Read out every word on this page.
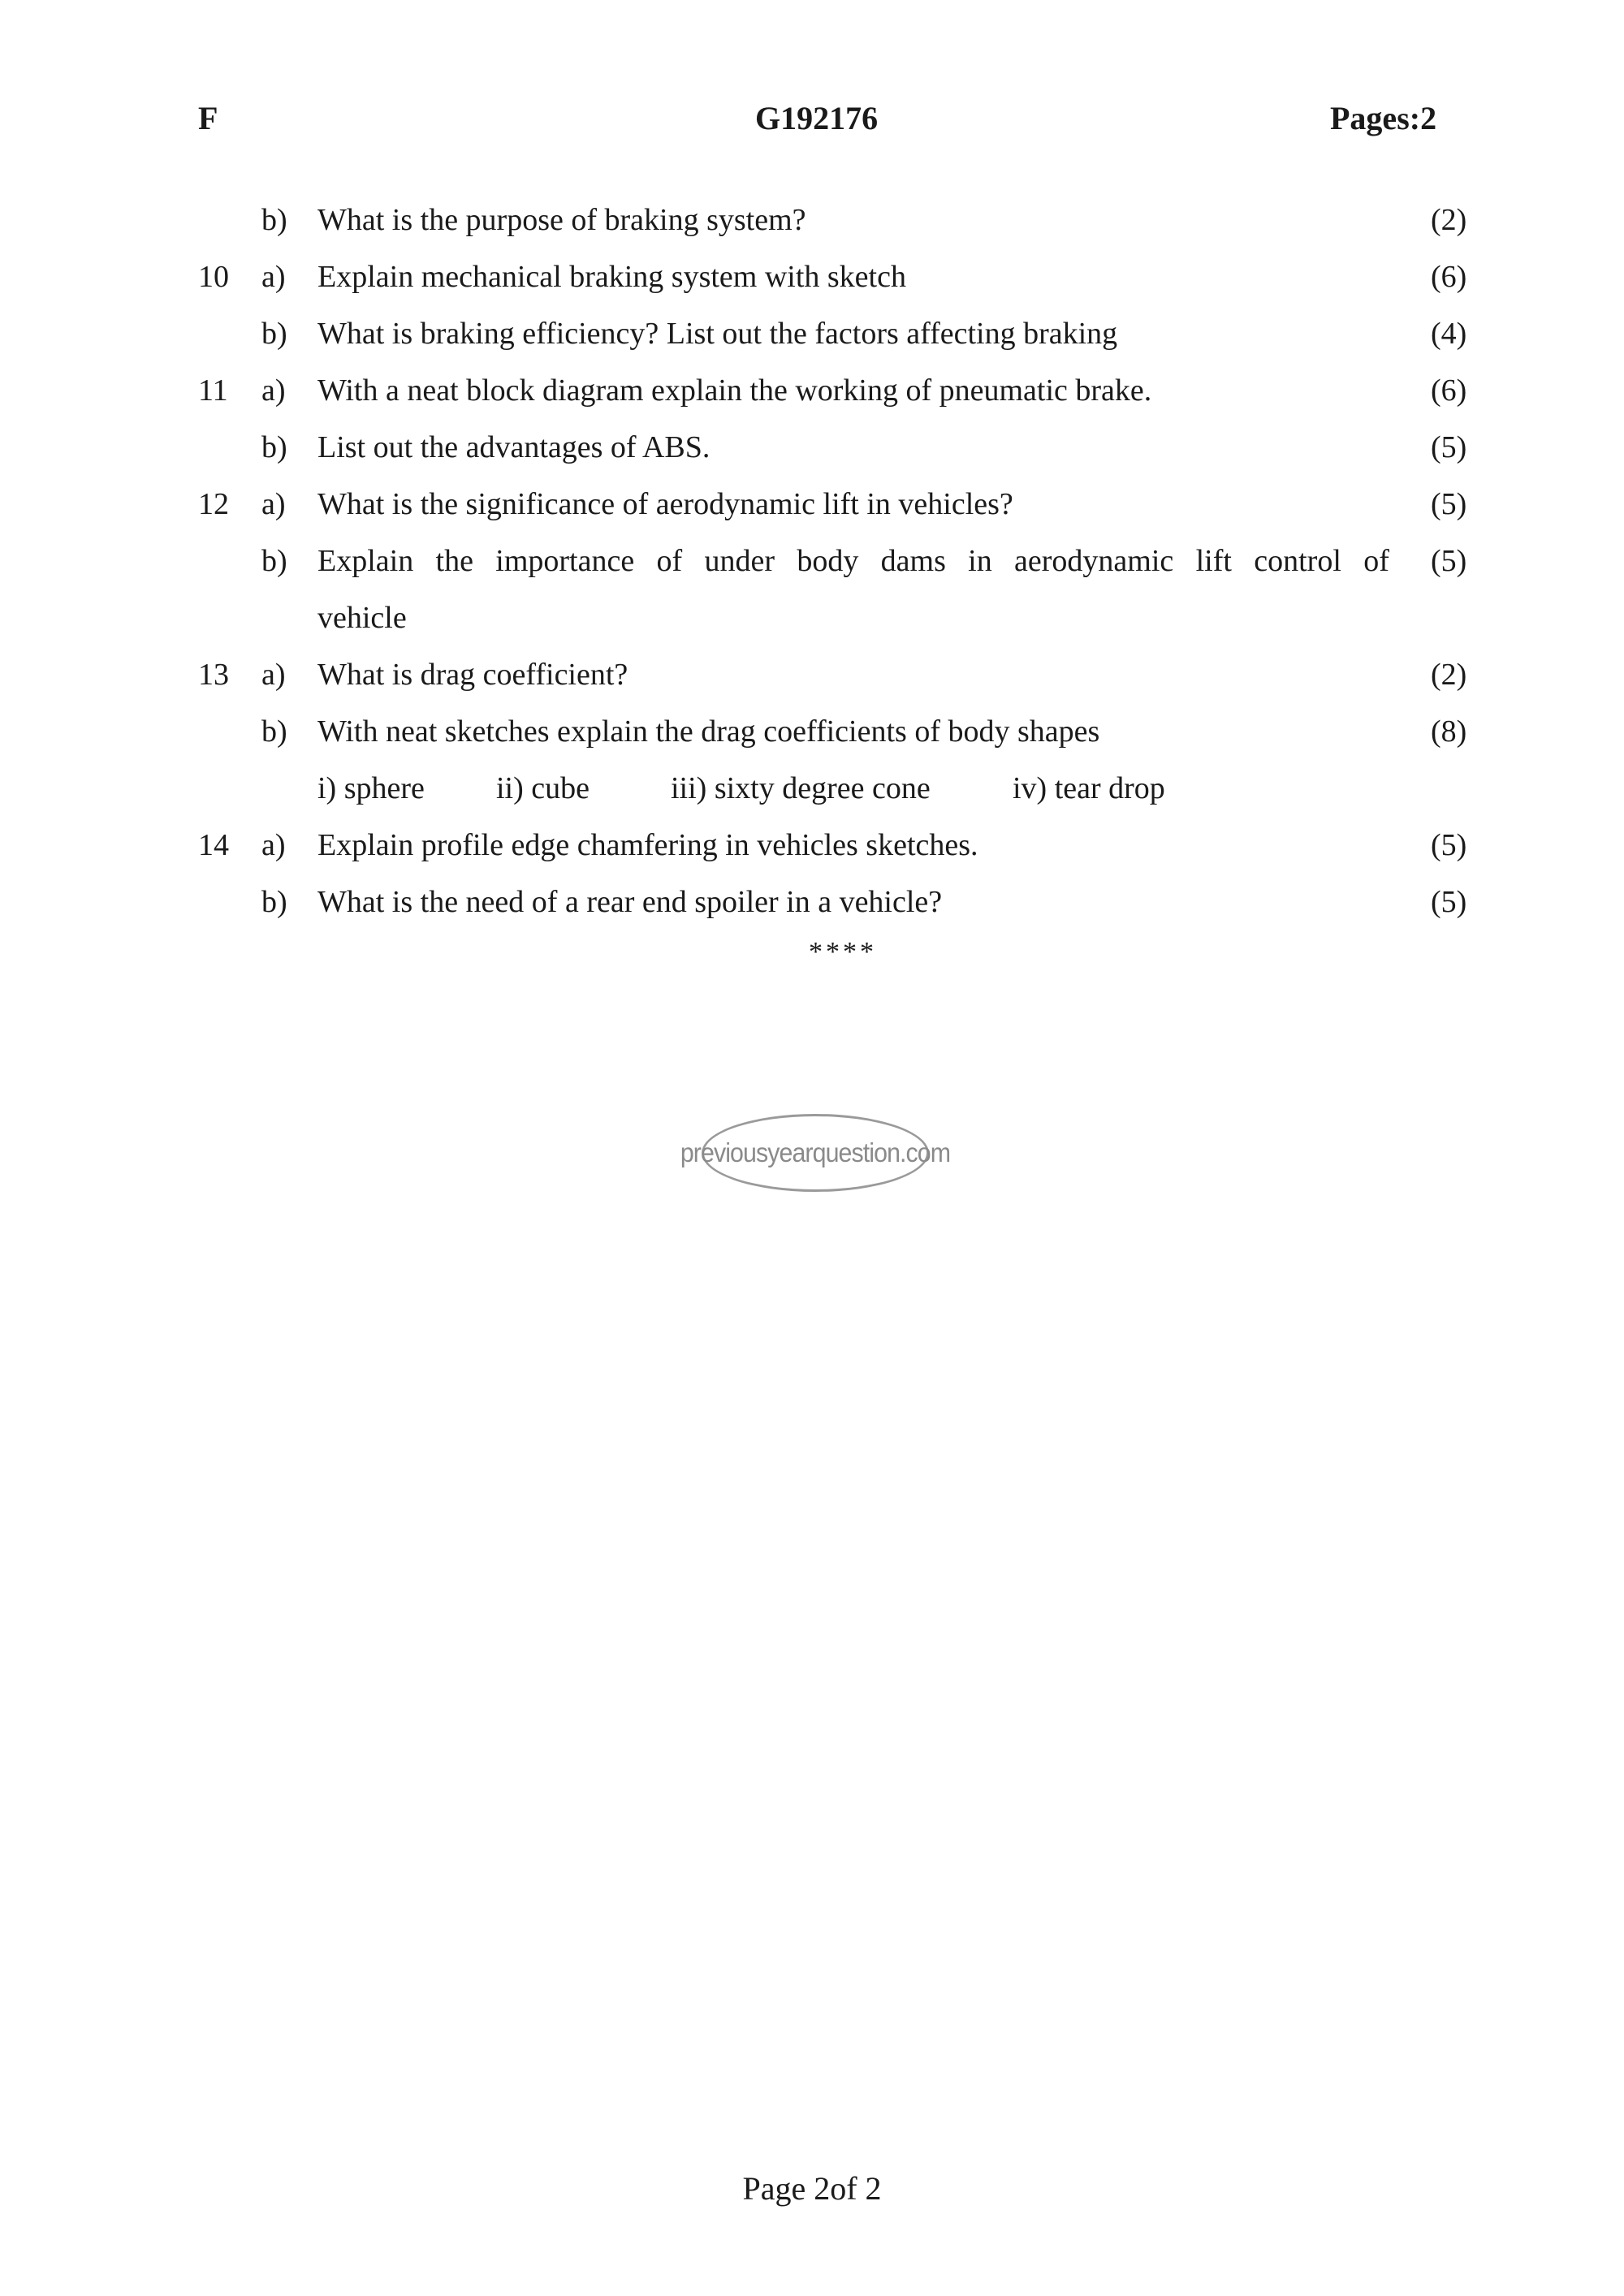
F	G192176	Pages:2
b) What is the purpose of braking system?	(2)
10	a)	Explain mechanical braking system with sketch	(6)
b) What is braking efficiency? List out the factors affecting braking	(4)
11	a)	With a neat block diagram explain the working of pneumatic brake.	(6)
b) List out the advantages of ABS.	(5)
12	a)	What is the significance of aerodynamic lift in vehicles?	(5)
b) Explain the importance of under body dams in aerodynamic lift control of (5)
vehicle
13	a)	What is drag coefficient?	(2)
b) With neat sketches explain the drag coefficients of body shapes	(8)
i) sphere ii) cube	iii) sixty degree cone	iv) tear drop
14	a)	Explain profile edge chamfering in vehicles sketches.	(5)
b) What is the need of a rear end spoiler in a vehicle?	(5)
****
previousyearquestion.com
Page 2of 2
